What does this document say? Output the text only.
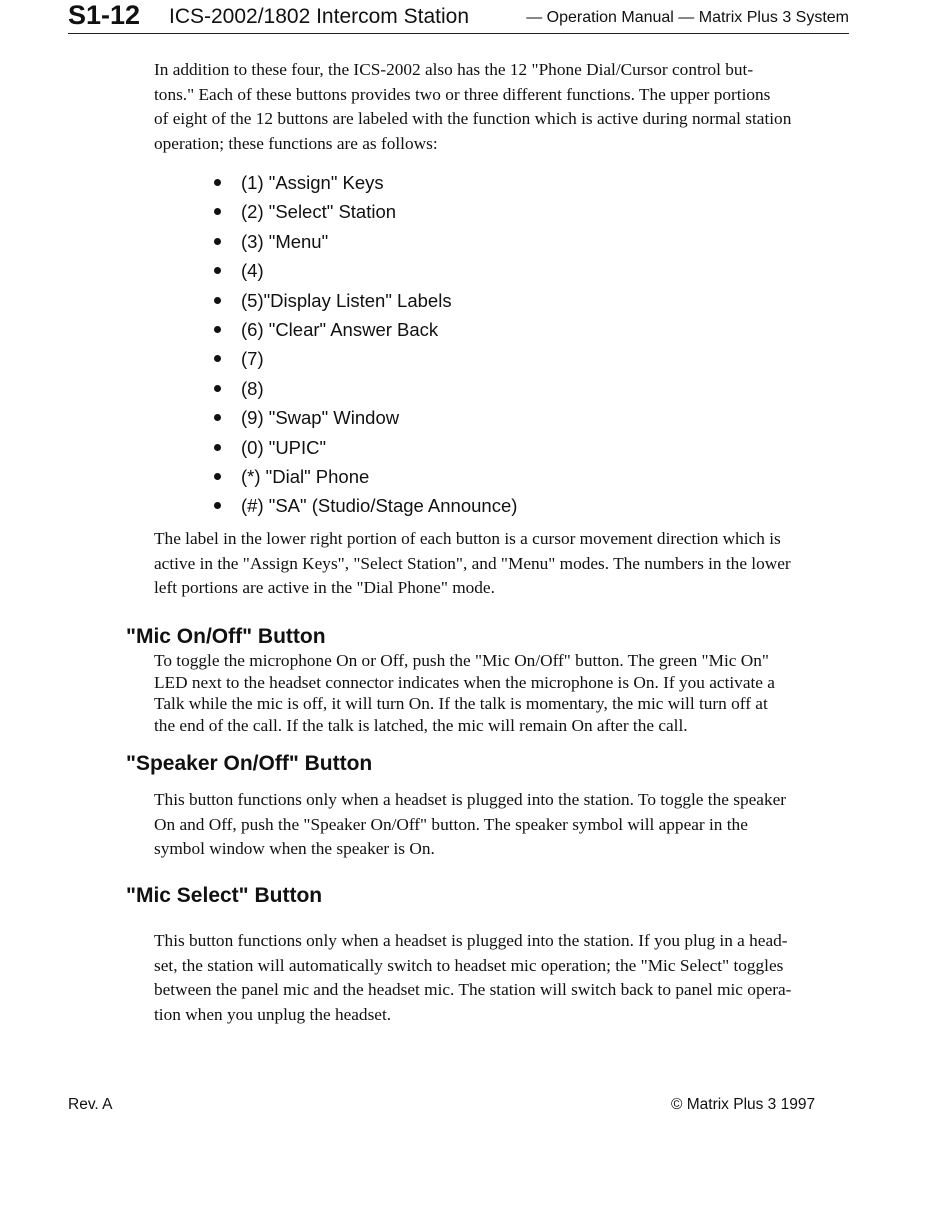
S1-12 ICS-2002/1802 Intercom Station	— Operation Manual — Matrix Plus 3 System

In addition to these four, the ICS-2002 also has the 12 "Phone Dial/Cursor control but-
tons." Each of these buttons provides two or three different functions. The upper portions
of eight of the 12 buttons are labeled with the function which is active during normal station
operation; these functions are as follows:

(1) "Assign" Keys
(2) "Select" Station
(3) "Menu"
(4)
(5)"Display Listen" Labels
(6) "Clear" Answer Back
(7)
(8)
(9) "Swap" Window
(0) "UPIC"
(*) "Dial" Phone
(#) "SA" (Studio/Stage Announce)

The label in the lower right portion of each button is a cursor movement direction which is
active in the "Assign Keys", "Select Station", and "Menu" modes. The numbers in the lower
left portions are active in the "Dial Phone" mode.

"Mic On/Off" Button

To toggle the microphone On or Off, push the "Mic On/Off" button. The green "Mic On"
LED next to the headset connector indicates when the microphone is On. If you activate a
Talk while the mic is off, it will turn On. If the talk is momentary, the mic will turn off at
the end of the call. If the talk is latched, the mic will remain On after the call.

"Speaker On/Off" Button

This button functions only when a headset is plugged into the station. To toggle the speaker
On and Off, push the "Speaker On/Off" button. The speaker symbol will appear in the
symbol window when the speaker is On.

"Mic Select" Button

This button functions only when a headset is plugged into the station. If you plug in a head-
set, the station will automatically switch to headset mic operation; the "Mic Select" toggles
between the panel mic and the headset mic. The station will switch back to panel mic opera-
tion when you unplug the headset.

Rev. A	© Matrix Plus 3 1997
